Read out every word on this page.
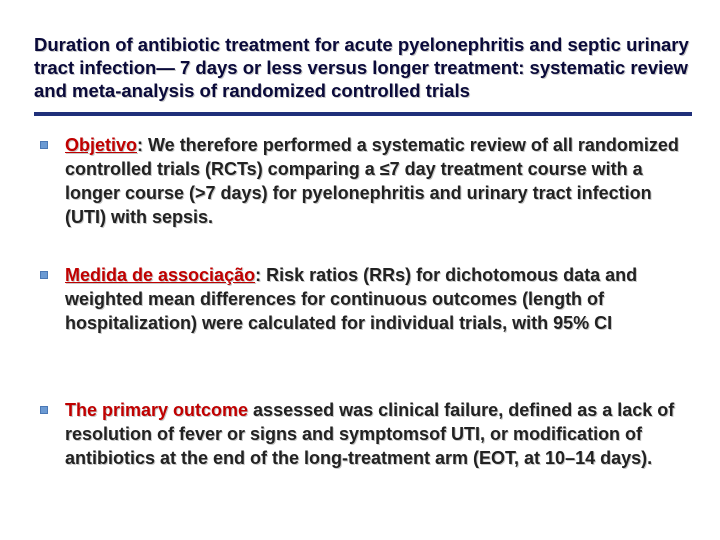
Duration of antibiotic treatment for acute pyelonephritis and septic urinary tract infection— 7 days or less versus longer treatment: systematic review and meta-analysis of randomized controlled trials
Objetivo: We therefore performed a systematic review of all randomized controlled trials (RCTs) comparing a ≤7 day treatment course with a longer course (>7 days) for pyelonephritis and urinary tract infection (UTI) with sepsis.
Medida de associação: Risk ratios (RRs) for dichotomous data and weighted mean differences for continuous outcomes (length of hospitalization) were calculated for individual trials, with 95% CI
The primary outcome assessed was clinical failure, defined as a lack of resolution of fever or signs and symptomsof UTI, or modification of antibiotics at the end of the long-treatment arm (EOT, at 10–14 days).
